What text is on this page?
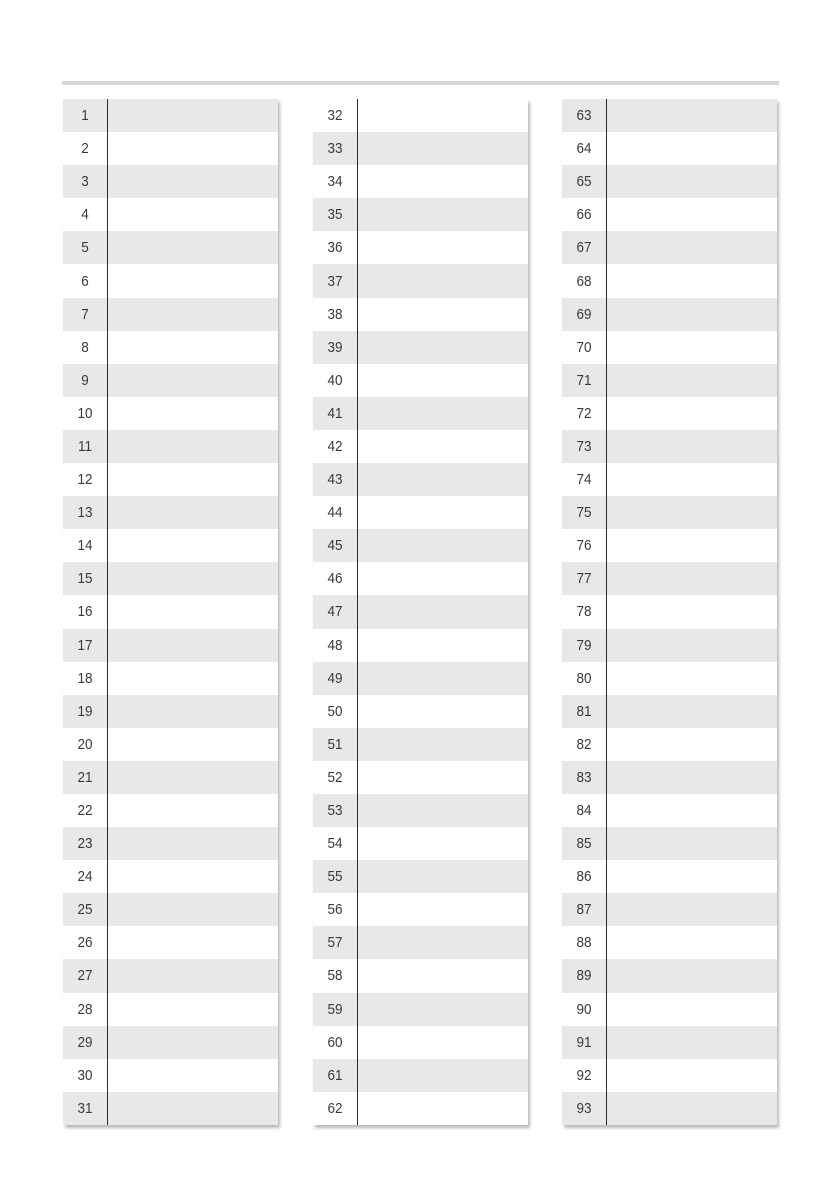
1
2
3
4
5
6
7
8
9
10
11
12
13
14
15
16
17
18
19
20
21
22
23
24
25
26
27
28
29
30
31
32
33
34
35
36
37
38
39
40
41
42
43
44
45
46
47
48
49
50
51
52
53
54
55
56
57
58
59
60
61
62
63
64
65
66
67
68
69
70
71
72
73
74
75
76
77
78
79
80
81
82
83
84
85
86
87
88
89
90
91
92
93
